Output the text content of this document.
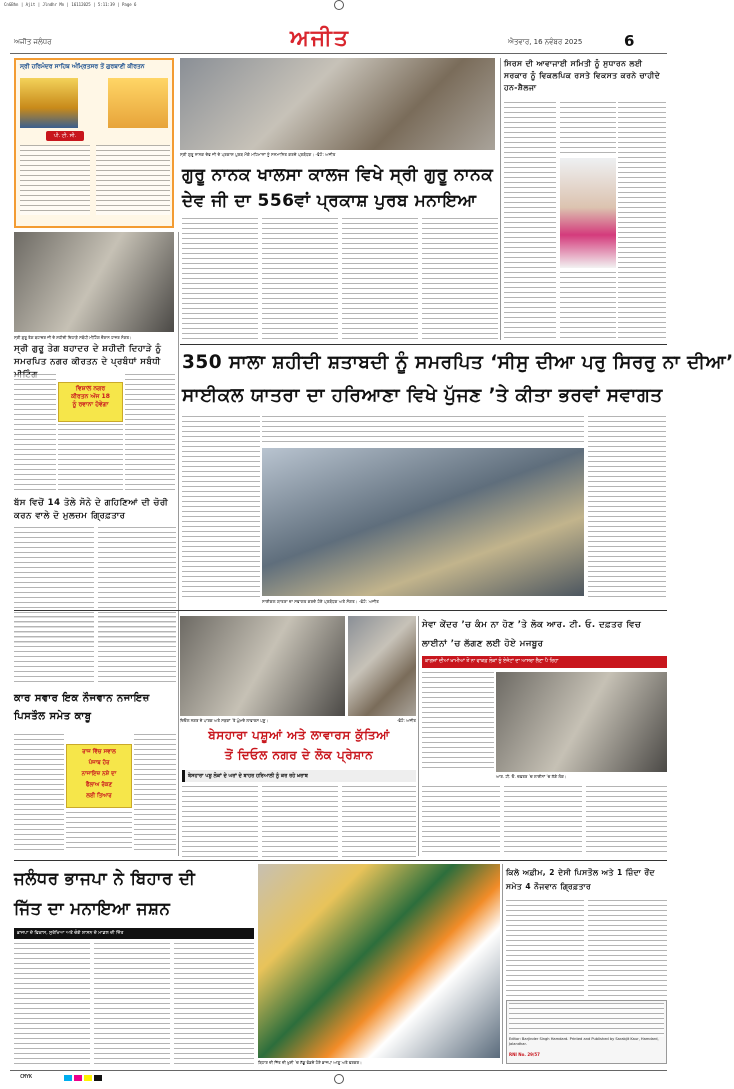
CnGBhn | Ajit | Jlndhr Mn | 16112025 | 5:11:39 | Page 6
ਅਜੀਤ ਜਲੰਧਰ	ਅਜੀਤ	ਐਤਵਾਰ, 16 ਨਵੰਬਰ 2025	6
ਸ੍ਰੀ ਹਰਿਮੰਦਰ ਸਾਹਿਬ ਅੰਮ੍ਰਿਤਸਰ ਤੋਂ ਗੁਰਬਾਣੀ ਕੀਰਤਨ
ਪੀ. ਟੀ. ਸੀ.
ਸ੍ਰੀ ਗੁਰੂ ਤੇਗ ਬਹਾਦਰ ਜੀ ਦੇ ਸ਼ਹੀਦੀ ਦਿਹਾੜੇ ਸਬੰਧੀ ਮੀਟਿੰਗ ਦੌਰਾਨ ਹਾਜ਼ਰ ਸੰਗਤ।
ਸ੍ਰੀ ਗੁਰੂ ਤੇਗ ਬਹਾਦਰ ਦੇ ਸ਼ਹੀਦੀ ਦਿਹਾੜੇ ਨੂੰ ਸਮਰਪਿਤ ਨਗਰ ਕੀਰਤਨ ਦੇ ਪ੍ਰਬੰਧਾਂ ਸਬੰਧੀ
ਵਿਸ਼ਾਲ ਨਗਰ
ਕੀਰਤਨ ਅੱਜ 18
ਨੂੰ ਰਵਾਨਾ ਹੋਵੇਗਾ
ਬੱਸ ਵਿਚੋਂ 14 ਤੋਲੇ ਸੋਨੇ ਦੇ ਗਹਿਣਿਆਂ ਦੀ ਚੋਰੀ ਕਰਨ ਵਾਲੇ ਦੋ ਮੁਲਜ਼ਮ ਗ੍ਰਿਫ਼ਤਾਰ
ਸ੍ਰੀ ਗੁਰੂ ਨਾਨਕ ਦੇਵ ਜੀ ਦੇ ਪ੍ਰਕਾਸ਼ ਪੁਰਬ ਮੌਕੇ ਮਹਿਮਾਨਾਂ ਨੂੰ ਸਨਮਾਨਿਤ ਕਰਦੇ ਪ੍ਰਬੰਧਕ। -ਫੋਟੋ: ਅਜੀਤ
ਗੁਰੂ ਨਾਨਕ ਖਾਲਸਾ ਕਾਲਜ ਵਿਖੇ ਸ੍ਰੀ ਗੁਰੂ ਨਾਨਕ
ਦੇਵ ਜੀ ਦਾ 556ਵਾਂ ਪ੍ਰਕਾਸ਼ ਪੁਰਬ ਮਨਾਇਆ
ਸਿਰਸ ਦੀ ਆਵਾਜਾਈ ਸਮਿਤੀ ਨੂੰ ਸੁਧਾਰਨ ਲਈ ਸਰਕਾਰ ਨੂੰ ਵਿਕਲਪਿਕ ਰਸਤੇ ਵਿਕਸਤ ਕਰਨੇ ਚਾਹੀਦੇ ਹਨ-ਸ਼ੈਲਜਾ
350 ਸਾਲਾ ਸ਼ਹੀਦੀ ਸ਼ਤਾਬਦੀ ਨੂੰ ਸਮਰਪਿਤ ‘ਸੀਸੁ ਦੀਆ ਪਰੁ ਸਿਰਰੁ ਨਾ ਦੀਆ’
ਸਾਈਕਲ ਯਾਤਰਾ ਦਾ ਹਰਿਆਣਾ ਵਿਖੇ ਪੁੱਜਣ ’ਤੇ ਕੀਤਾ ਭਰਵਾਂ ਸਵਾਗਤ
ਸਾਈਕਲ ਯਾਤਰਾ ਦਾ ਸਵਾਗਤ ਕਰਦੇ ਹੋਏ ਪ੍ਰਬੰਧਕ ਅਤੇ ਸੰਗਤ। -ਫੋਟੋ: ਅਜੀਤ
ਦਿਓਲ ਨਗਰ ਦੇ ਪਾਰਕ ਅਤੇ ਸੜਕਾਂ ’ਤੇ ਘੁੰਮਦੇ ਲਾਵਾਰਸ ਪਸ਼ੂ।	-ਫੋਟੋ: ਅਜੀਤ
ਬੇਸਹਾਰਾ ਪਸ਼ੂਆਂ ਅਤੇ ਲਾਵਾਰਸ ਕੁੱਤਿਆਂ
ਤੋਂ ਦਿਓਲ ਨਗਰ ਦੇ ਲੋਕ ਪ੍ਰੇਸ਼ਾਨ
ਬੇਸਹਾਰਾ ਪਸ਼ੂ ਲੋਕਾਂ ਦੇ ਘਰਾਂ ਦੇ ਬਾਹਰ ਹਰਿਆਲੀ ਨੂੰ ਕਰ ਰਹੇ ਖ਼ਰਾਬ
ਕਾਰ ਸਵਾਰ ਇਕ ਨੌਜਵਾਨ ਨਜਾਇਜ਼ ਪਿਸਤੌਲ ਸਮੇਤ ਕਾਬੂ
ਰਾਜ ਵਿੱਚ ਸਵਾਲ
ਪੰਜਾਬ ਹੋਰ
ਨਾਜਾਇਜ਼ ਨਸ਼ੇ ਦਾ
ਫੈਲਾਅ ਰੋਕਣ
ਲਈ ਤਿਆਰ
ਸੇਵਾ ਕੇਂਦਰ ’ਚ ਕੰਮ ਨਾ ਹੋਣ ’ਤੇ ਲੋਕ ਆਰ. ਟੀ. ਓ. ਦਫ਼ਤਰ ਵਿਚ ਲਾਈਨਾਂ ’ਚ ਲੱਗਣ ਲਈ ਹੋਏ ਮਜਬੂਰ
ਕਾਗਜ਼ਾਂ ਦੀਆਂ ਖ਼ਾਮੀਆਂ ਤੋਂ ਨਾ ਵਾਕਫ਼ ਲੋਕਾਂ ਨੂੰ ਏਜੰਟਾਂ ਦਾ ਆਸਰਾ ਲੈਣਾ ਪੈ ਰਿਹਾ
ਆਰ. ਟੀ. ਓ. ਦਫ਼ਤਰ ’ਚ ਲਾਈਨਾਂ ’ਚ ਲੱਗੇ ਲੋਕ।
ਜਲੰਧਰ ਭਾਜਪਾ ਨੇ ਬਿਹਾਰ ਦੀ
ਜਿੱਤ ਦਾ ਮਨਾਇਆ ਜਸ਼ਨ
ਭਾਜਪਾ ਦੇ ਵਿਕਾਸ, ਸੁਰੱਖਿਆ ਅਤੇ ਚੰਗੇ ਸ਼ਾਸਨ ਦੇ ਮਾਡਲ ਦੀ ਜਿੱਤ
ਬਿਹਾਰ ਦੀ ਜਿੱਤ ਦੀ ਖ਼ੁਸ਼ੀ ’ਚ ਲੱਡੂ ਵੰਡਦੇ ਹੋਏ ਭਾਜਪਾ ਆਗੂ ਅਤੇ ਵਰਕਰ।
ਕਿਲੋ ਅਫ਼ੀਮ, 2 ਦੇਸੀ ਪਿਸਤੌਲ ਅਤੇ 1 ਜ਼ਿੰਦਾ ਰੌਂਦ ਸਮੇਤ 4 ਨੌਜਵਾਨ ਗ੍ਰਿਫ਼ਤਾਰ
Editor: Barjinder Singh Hamdard. Printed and Published by Sarabjit Kaur, Hamdard, Jalandhar.
RNI No. 29/57
CMYK
